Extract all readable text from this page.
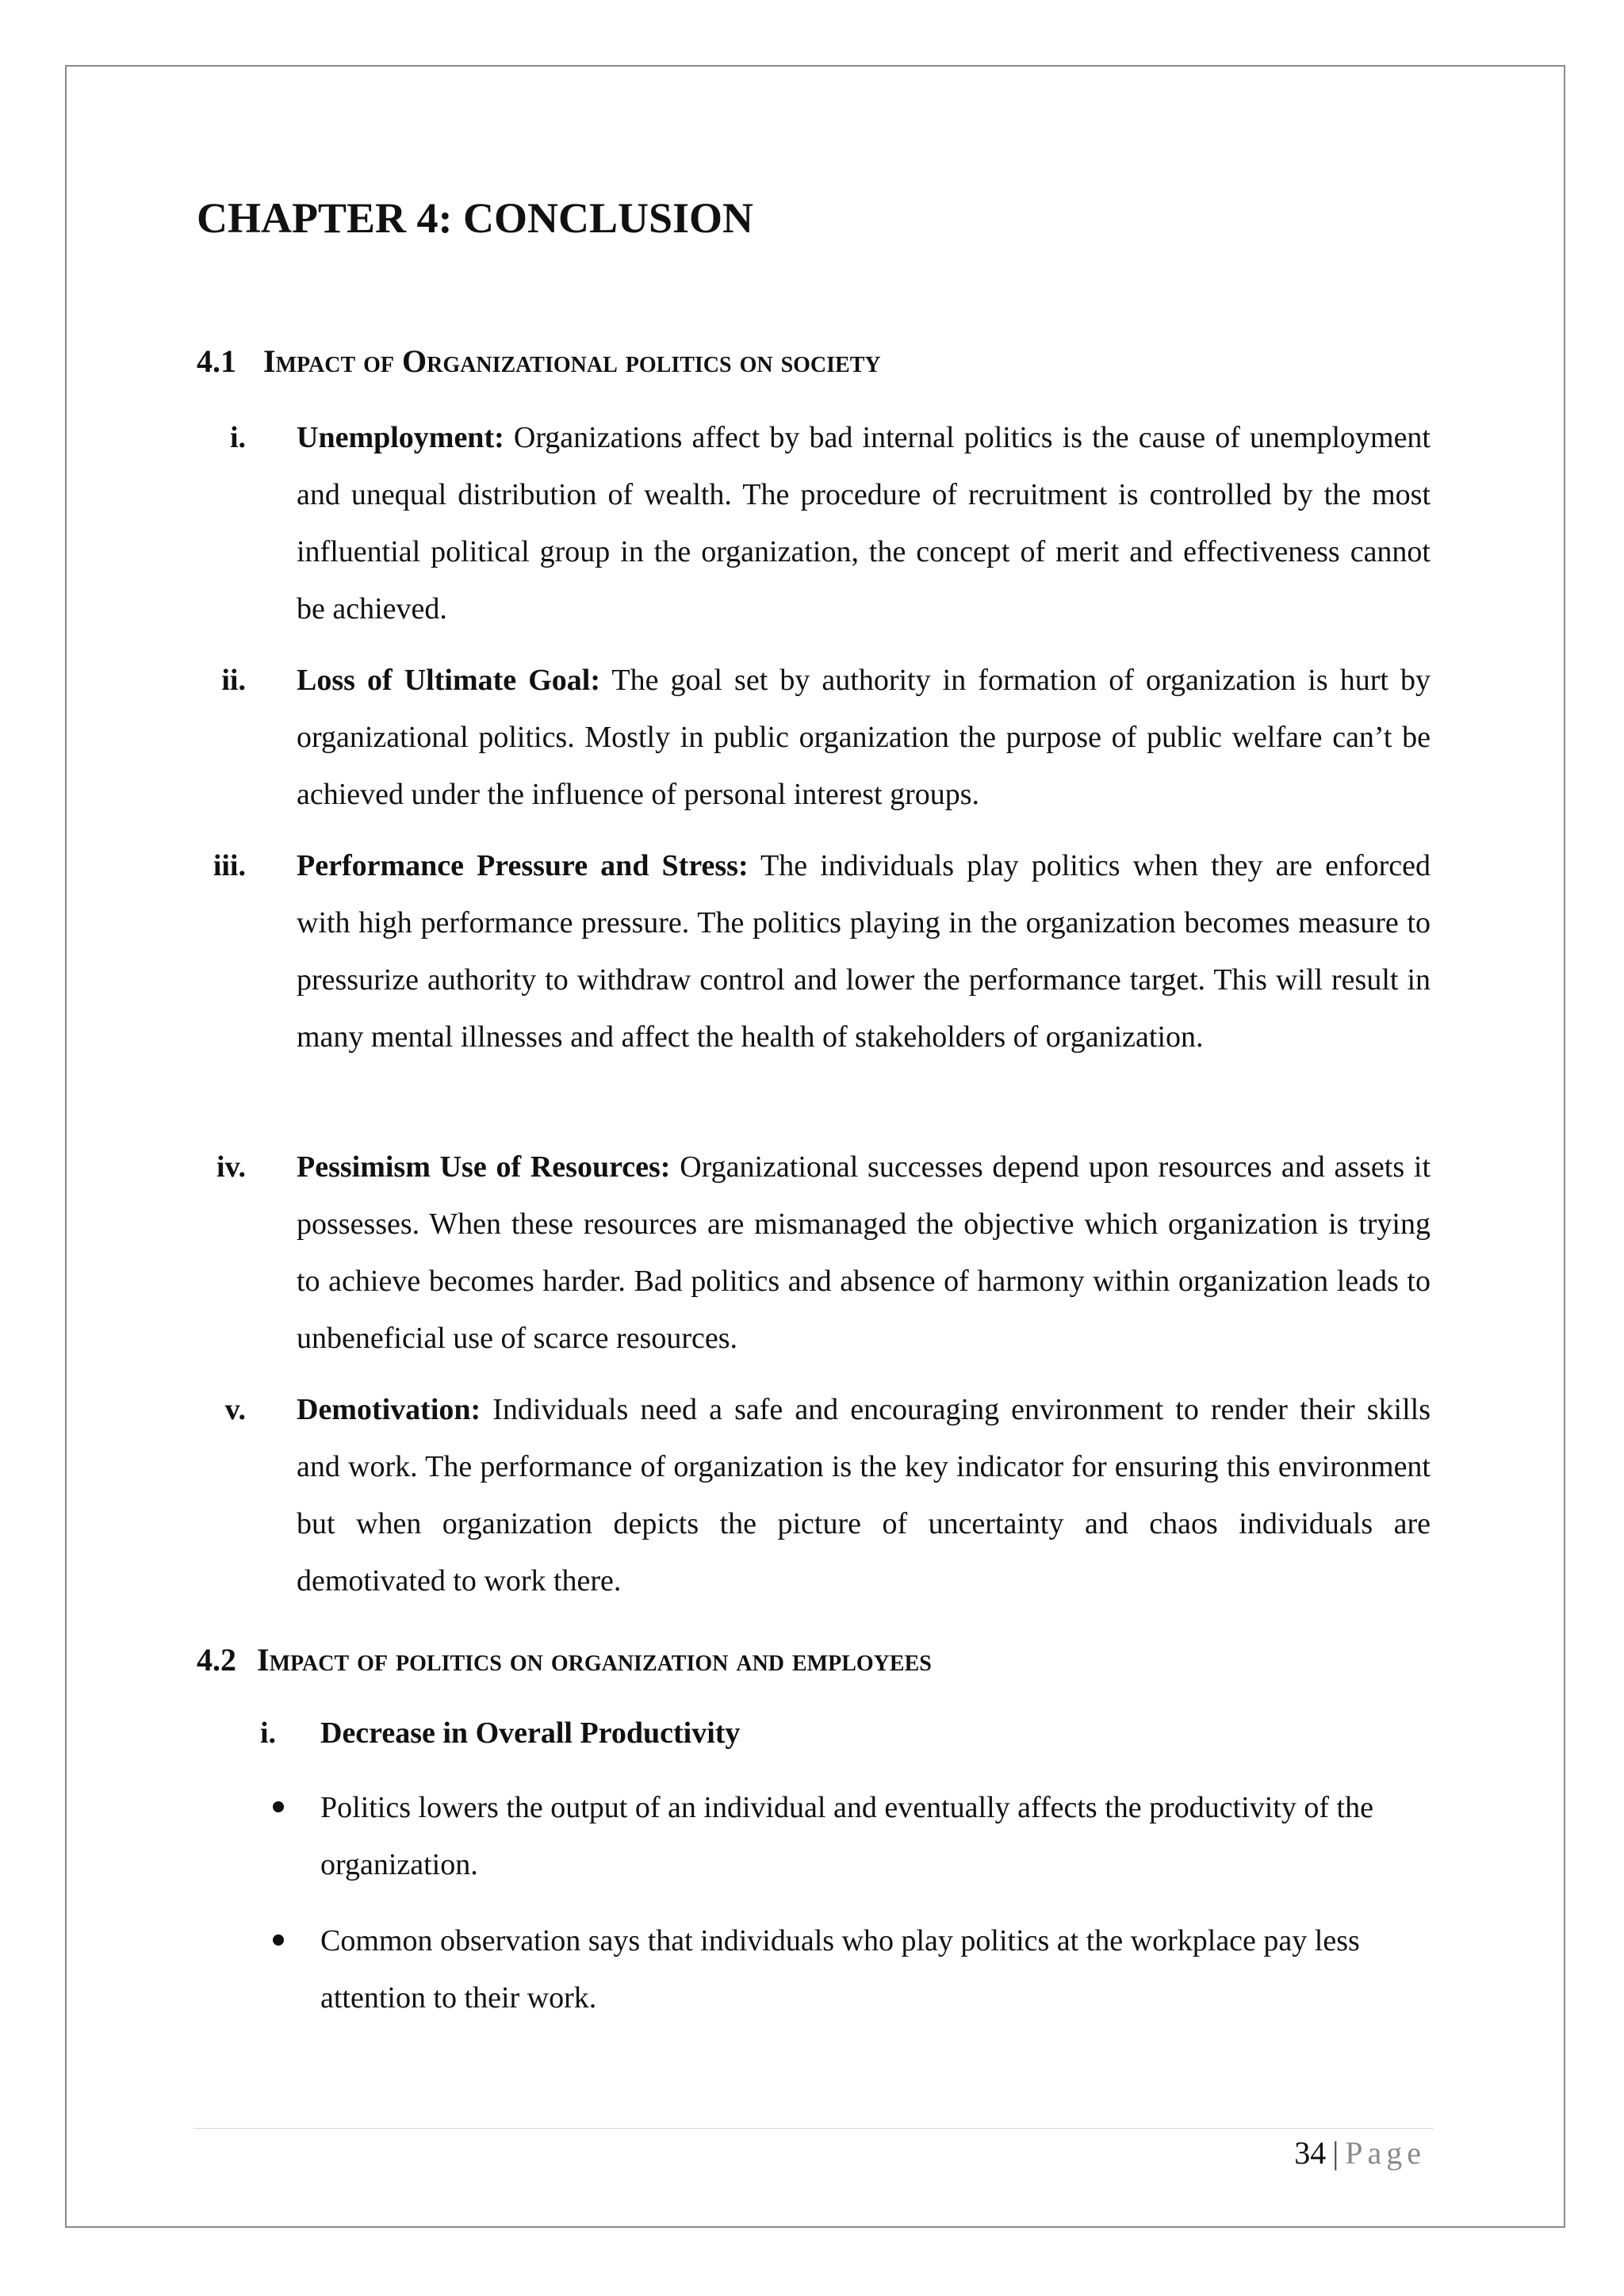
CHAPTER 4: CONCLUSION
4.1 Impact of Organizational politics on society
i. Unemployment: Organizations affect by bad internal politics is the cause of unemployment and unequal distribution of wealth. The procedure of recruitment is controlled by the most influential political group in the organization, the concept of merit and effectiveness cannot be achieved.
ii. Loss of Ultimate Goal: The goal set by authority in formation of organization is hurt by organizational politics. Mostly in public organization the purpose of public welfare can’t be achieved under the influence of personal interest groups.
iii. Performance Pressure and Stress: The individuals play politics when they are enforced with high performance pressure. The politics playing in the organization becomes measure to pressurize authority to withdraw control and lower the performance target. This will result in many mental illnesses and affect the health of stakeholders of organization.
iv. Pessimism Use of Resources: Organizational successes depend upon resources and assets it possesses. When these resources are mismanaged the objective which organization is trying to achieve becomes harder. Bad politics and absence of harmony within organization leads to unbeneficial use of scarce resources.
v. Demotivation: Individuals need a safe and encouraging environment to render their skills and work. The performance of organization is the key indicator for ensuring this environment but when organization depicts the picture of uncertainty and chaos individuals are demotivated to work there.
4.2 Impact of politics on organization and employees
i. Decrease in Overall Productivity
Politics lowers the output of an individual and eventually affects the productivity of the organization.
Common observation says that individuals who play politics at the workplace pay less attention to their work.
34 | Page
